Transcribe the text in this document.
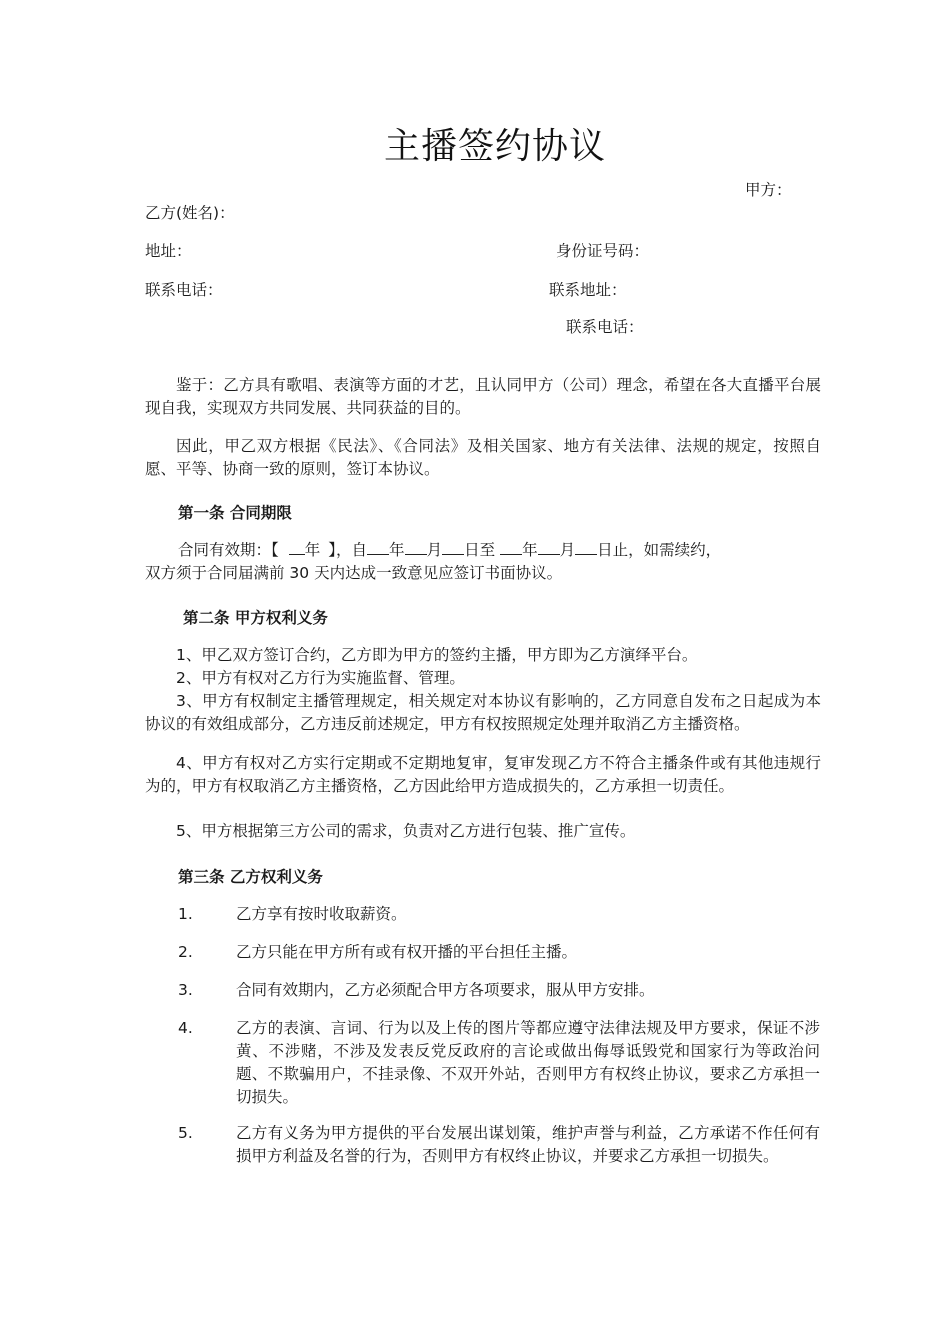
主播签约协议
甲方：
乙方(姓名)：
地址：	身份证号码：
联系电话：	联系地址：
联系电话：
鉴于：乙方具有歌唱、表演等方面的才艺，且认同甲方（公司）理念，希望在各大直播平台展现自我，实现双方共同发展、共同获益的目的。
因此，甲乙双方根据《民法》、《合同法》及相关国家、地方有关法律、法规的规定，按照自愿、平等、协商一致的原则，签订本协议。
第一条 合同期限
合同有效期：【 年 】，自 年 月 日至 年 月 日止，如需续约，
双方须于合同届满前 30 天内达成一致意见应签订书面协议。
第二条 甲方权利义务
1、甲乙双方签订合约，乙方即为甲方的签约主播，甲方即为乙方演绎平台。
2、甲方有权对乙方行为实施监督、管理。
3、甲方有权制定主播管理规定，相关规定对本协议有影响的，乙方同意自发布之日起成为本协议的有效组成部分，乙方违反前述规定，甲方有权按照规定处理并取消乙方主播资格。
4、甲方有权对乙方实行定期或不定期地复审，复审发现乙方不符合主播条件或有其他违规行为的，甲方有权取消乙方主播资格，乙方因此给甲方造成损失的，乙方承担一切责任。
5、甲方根据第三方公司的需求，负责对乙方进行包装、推广宣传。
第三条 乙方权利义务
1.	乙方享有按时收取薪资。
2.	乙方只能在甲方所有或有权开播的平台担任主播。
3.	合同有效期内，乙方必须配合甲方各项要求，服从甲方安排。
4.	乙方的表演、言词、行为以及上传的图片等都应遵守法律法规及甲方要求，保证不涉黄、不涉赌，不涉及发表反党反政府的言论或做出侮辱诋毁党和国家行为等政治问题、不欺骗用户，不挂录像、不双开外站，否则甲方有权终止协议，要求乙方承担一切损失。
5.	乙方有义务为甲方提供的平台发展出谋划策，维护声誉与利益，乙方承诺不作任何有损甲方利益及名誉的行为，否则甲方有权终止协议，并要求乙方承担一切损失。
